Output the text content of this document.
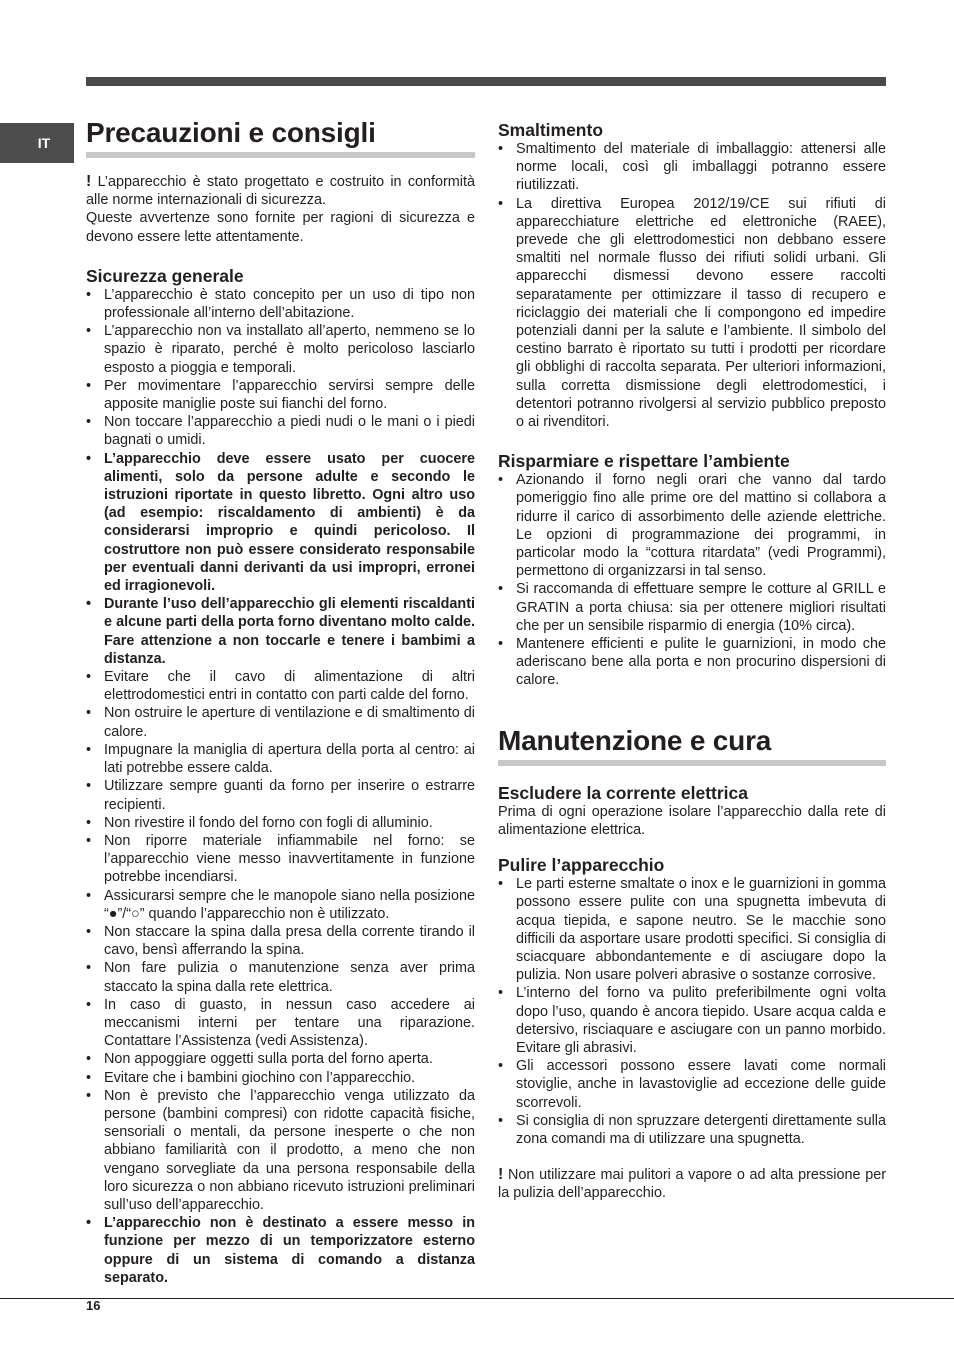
IT	Precauzioni e consigli

! L’apparecchio è stato progettato e costruito in conformità alle norme internazionali di sicurezza.

Queste avvertenze sono fornite per ragioni di sicurezza e devono essere lette attentamente.

Sicurezza generale
• L’apparecchio è stato concepito per un uso di tipo non professionale all’interno dell’abitazione.
• L’apparecchio non va installato all’aperto, nemmeno se lo spazio è riparato, perché è molto pericoloso lasciarlo esposto a pioggia e temporali.
• Per movimentare l’apparecchio servirsi sempre delle apposite maniglie poste sui fianchi del forno.
• Non toccare l’apparecchio a piedi nudi o le mani o i piedi bagnati o umidi.
• L’apparecchio deve essere usato per cuocere alimenti, solo da persone adulte e secondo le istruzioni riportate in questo libretto. Ogni altro uso (ad esempio: riscaldamento di ambienti) è da considerarsi improprio e quindi pericoloso. Il costruttore non può essere considerato responsabile per eventuali danni derivanti da usi impropri, erronei ed irragionevoli.
• Durante l’uso dell’apparecchio gli elementi riscaldanti e alcune parti della porta forno diventano molto calde. Fare attenzione a non toccarle e tenere i bambimi a distanza.
• Evitare che il cavo di alimentazione di altri elettrodomestici entri in contatto con parti calde del forno.
• Non ostruire le aperture di ventilazione e di smaltimento di calore.
• Impugnare la maniglia di apertura della porta al centro: ai lati potrebbe essere calda.
• Utilizzare sempre guanti da forno per inserire o estrarre recipienti.
• Non rivestire il fondo del forno con fogli di alluminio.
• Non riporre materiale infiammabile nel forno: se l’apparecchio viene messo inavvertitamente in funzione potrebbe incendiarsi.
• Assicurarsi sempre che le manopole siano nella posizione “●”/“○” quando l’apparecchio non è utilizzato.
• Non staccare la spina dalla presa della corrente tirando il cavo, bensì afferrando la spina.
• Non fare pulizia o manutenzione senza aver prima staccato la spina dalla rete elettrica.
• In caso di guasto, in nessun caso accedere ai meccanismi interni per tentare una riparazione. Contattare l’Assistenza (vedi Assistenza).
• Non appoggiare oggetti sulla porta del forno aperta.
• Evitare che i bambini giochino con l’apparecchio.
• Non è previsto che l’apparecchio venga utilizzato da persone (bambini compresi) con ridotte capacità fisiche, sensoriali o mentali, da persone inesperte o che non abbiano familiarità con il prodotto, a meno che non vengano sorvegliate da una persona responsabile della loro sicurezza o non abbiano ricevuto istruzioni preliminari sull’uso dell’apparecchio.
• L’apparecchio non è destinato a essere messo in funzione per mezzo di un temporizzatore esterno oppure di un sistema di comando a distanza separato.
Smaltimento
• Smaltimento del materiale di imballaggio: attenersi alle norme locali, così gli imballaggi potranno essere riutilizzati.
• La direttiva Europea 2012/19/CE sui rifiuti di apparecchiature elettriche ed elettroniche (RAEE), prevede che gli elettrodomestici non debbano essere smaltiti nel normale flusso dei rifiuti solidi urbani. Gli apparecchi dismessi devono essere raccolti separatamente per ottimizzare il tasso di recupero e riciclaggio dei materiali che li compongono ed impedire potenziali danni per la salute e l’ambiente. Il simbolo del cestino barrato è riportato su tutti i prodotti per ricordare gli obblighi di raccolta separata. Per ulteriori informazioni, sulla corretta dismissione degli elettrodomestici, i detentori potranno rivolgersi al servizio pubblico preposto o ai rivenditori.
Risparmiare e rispettare l’ambiente
• Azionando il forno negli orari che vanno dal tardo pomeriggio fino alle prime ore del mattino si collabora a ridurre il carico di assorbimento delle aziende elettriche. Le opzioni di programmazione dei programmi, in particolar modo la “cottura ritardata” (vedi Programmi), permettono di organizzarsi in tal senso.
• Si raccomanda di effettuare sempre le cotture al GRILL e GRATIN a porta chiusa: sia per ottenere migliori risultati che per un sensibile risparmio di energia (10% circa).
• Mantenere efficienti e pulite le guarnizioni, in modo che aderiscano bene alla porta e non procurino dispersioni di calore.
Manutenzione e cura
Escludere la corrente elettrica

Prima di ogni operazione isolare l’apparecchio dalla rete di alimentazione elettrica.

Pulire l’apparecchio
• Le parti esterne smaltate o inox e le guarnizioni in gomma possono essere pulite con una spugnetta imbevuta di acqua tiepida, e sapone neutro. Se le macchie sono difficili da asportare usare prodotti specifici. Si consiglia di sciacquare abbondantemente e di asciugare dopo la pulizia. Non usare polveri abrasive o sostanze corrosive.
• L’interno del forno va pulito preferibilmente ogni volta dopo l’uso, quando è ancora tiepido. Usare acqua calda e detersivo, risciaquare e asciugare con un panno morbido. Evitare gli abrasivi.
• Gli accessori possono essere lavati come normali stoviglie, anche in lavastoviglie ad eccezione delle guide scorrevoli.
• Si consiglia di non spruzzare detergenti direttamente sulla zona comandi ma di utilizzare una spugnetta.

! Non utilizzare mai pulitori a vapore o ad alta pressione per la pulizia dell’apparecchio.

16
